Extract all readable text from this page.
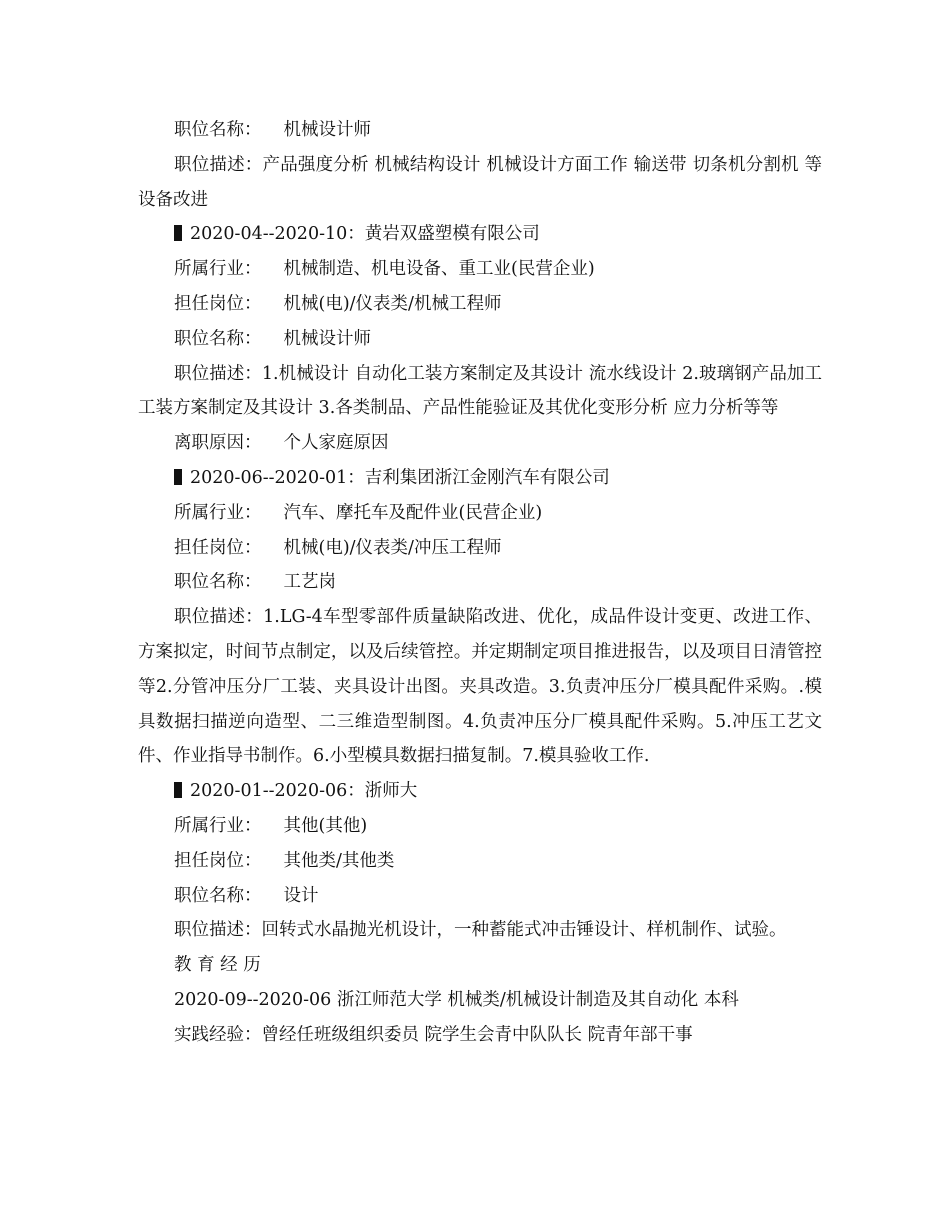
职位名称： 机械设计师

职位描述：产品强度分析 机械结构设计 机械设计方面工作 输送带 切条机分割机 等设备改进

2020-04--2020-10：黄岩双盛塑模有限公司

所属行业： 机械制造、机电设备、重工业(民营企业)

担任岗位： 机械(电)/仪表类/机械工程师

职位名称： 机械设计师

职位描述：1.机械设计 自动化工装方案制定及其设计 流水线设计 2.玻璃钢产品加工工装方案制定及其设计 3.各类制品、产品性能验证及其优化变形分析 应力分析等等

离职原因： 个人家庭原因

2020-06--2020-01：吉利集团浙江金刚汽车有限公司

所属行业： 汽车、摩托车及配件业(民营企业)

担任岗位： 机械(电)/仪表类/冲压工程师

职位名称： 工艺岗

职位描述：1.LG-4车型零部件质量缺陷改进、优化，成品件设计变更、改进工作、方案拟定，时间节点制定，以及后续管控。并定期制定项目推进报告，以及项目日清管控等2.分管冲压分厂工装、夹具设计出图。夹具改造。3.负责冲压分厂模具配件采购。.模具数据扫描逆向造型、二三维造型制图。4.负责冲压分厂模具配件采购。5.冲压工艺文件、作业指导书制作。6.小型模具数据扫描复制。7.模具验收工作.

2020-01--2020-06：浙师大

所属行业： 其他(其他)

担任岗位： 其他类/其他类

职位名称： 设计

职位描述：回转式水晶抛光机设计，一种蓄能式冲击锤设计、样机制作、试验。

教 育 经 历

2020-09--2020-06 浙江师范大学 机械类/机械设计制造及其自动化 本科

实践经验：曾经任班级组织委员 院学生会青中队队长 院青年部干事
